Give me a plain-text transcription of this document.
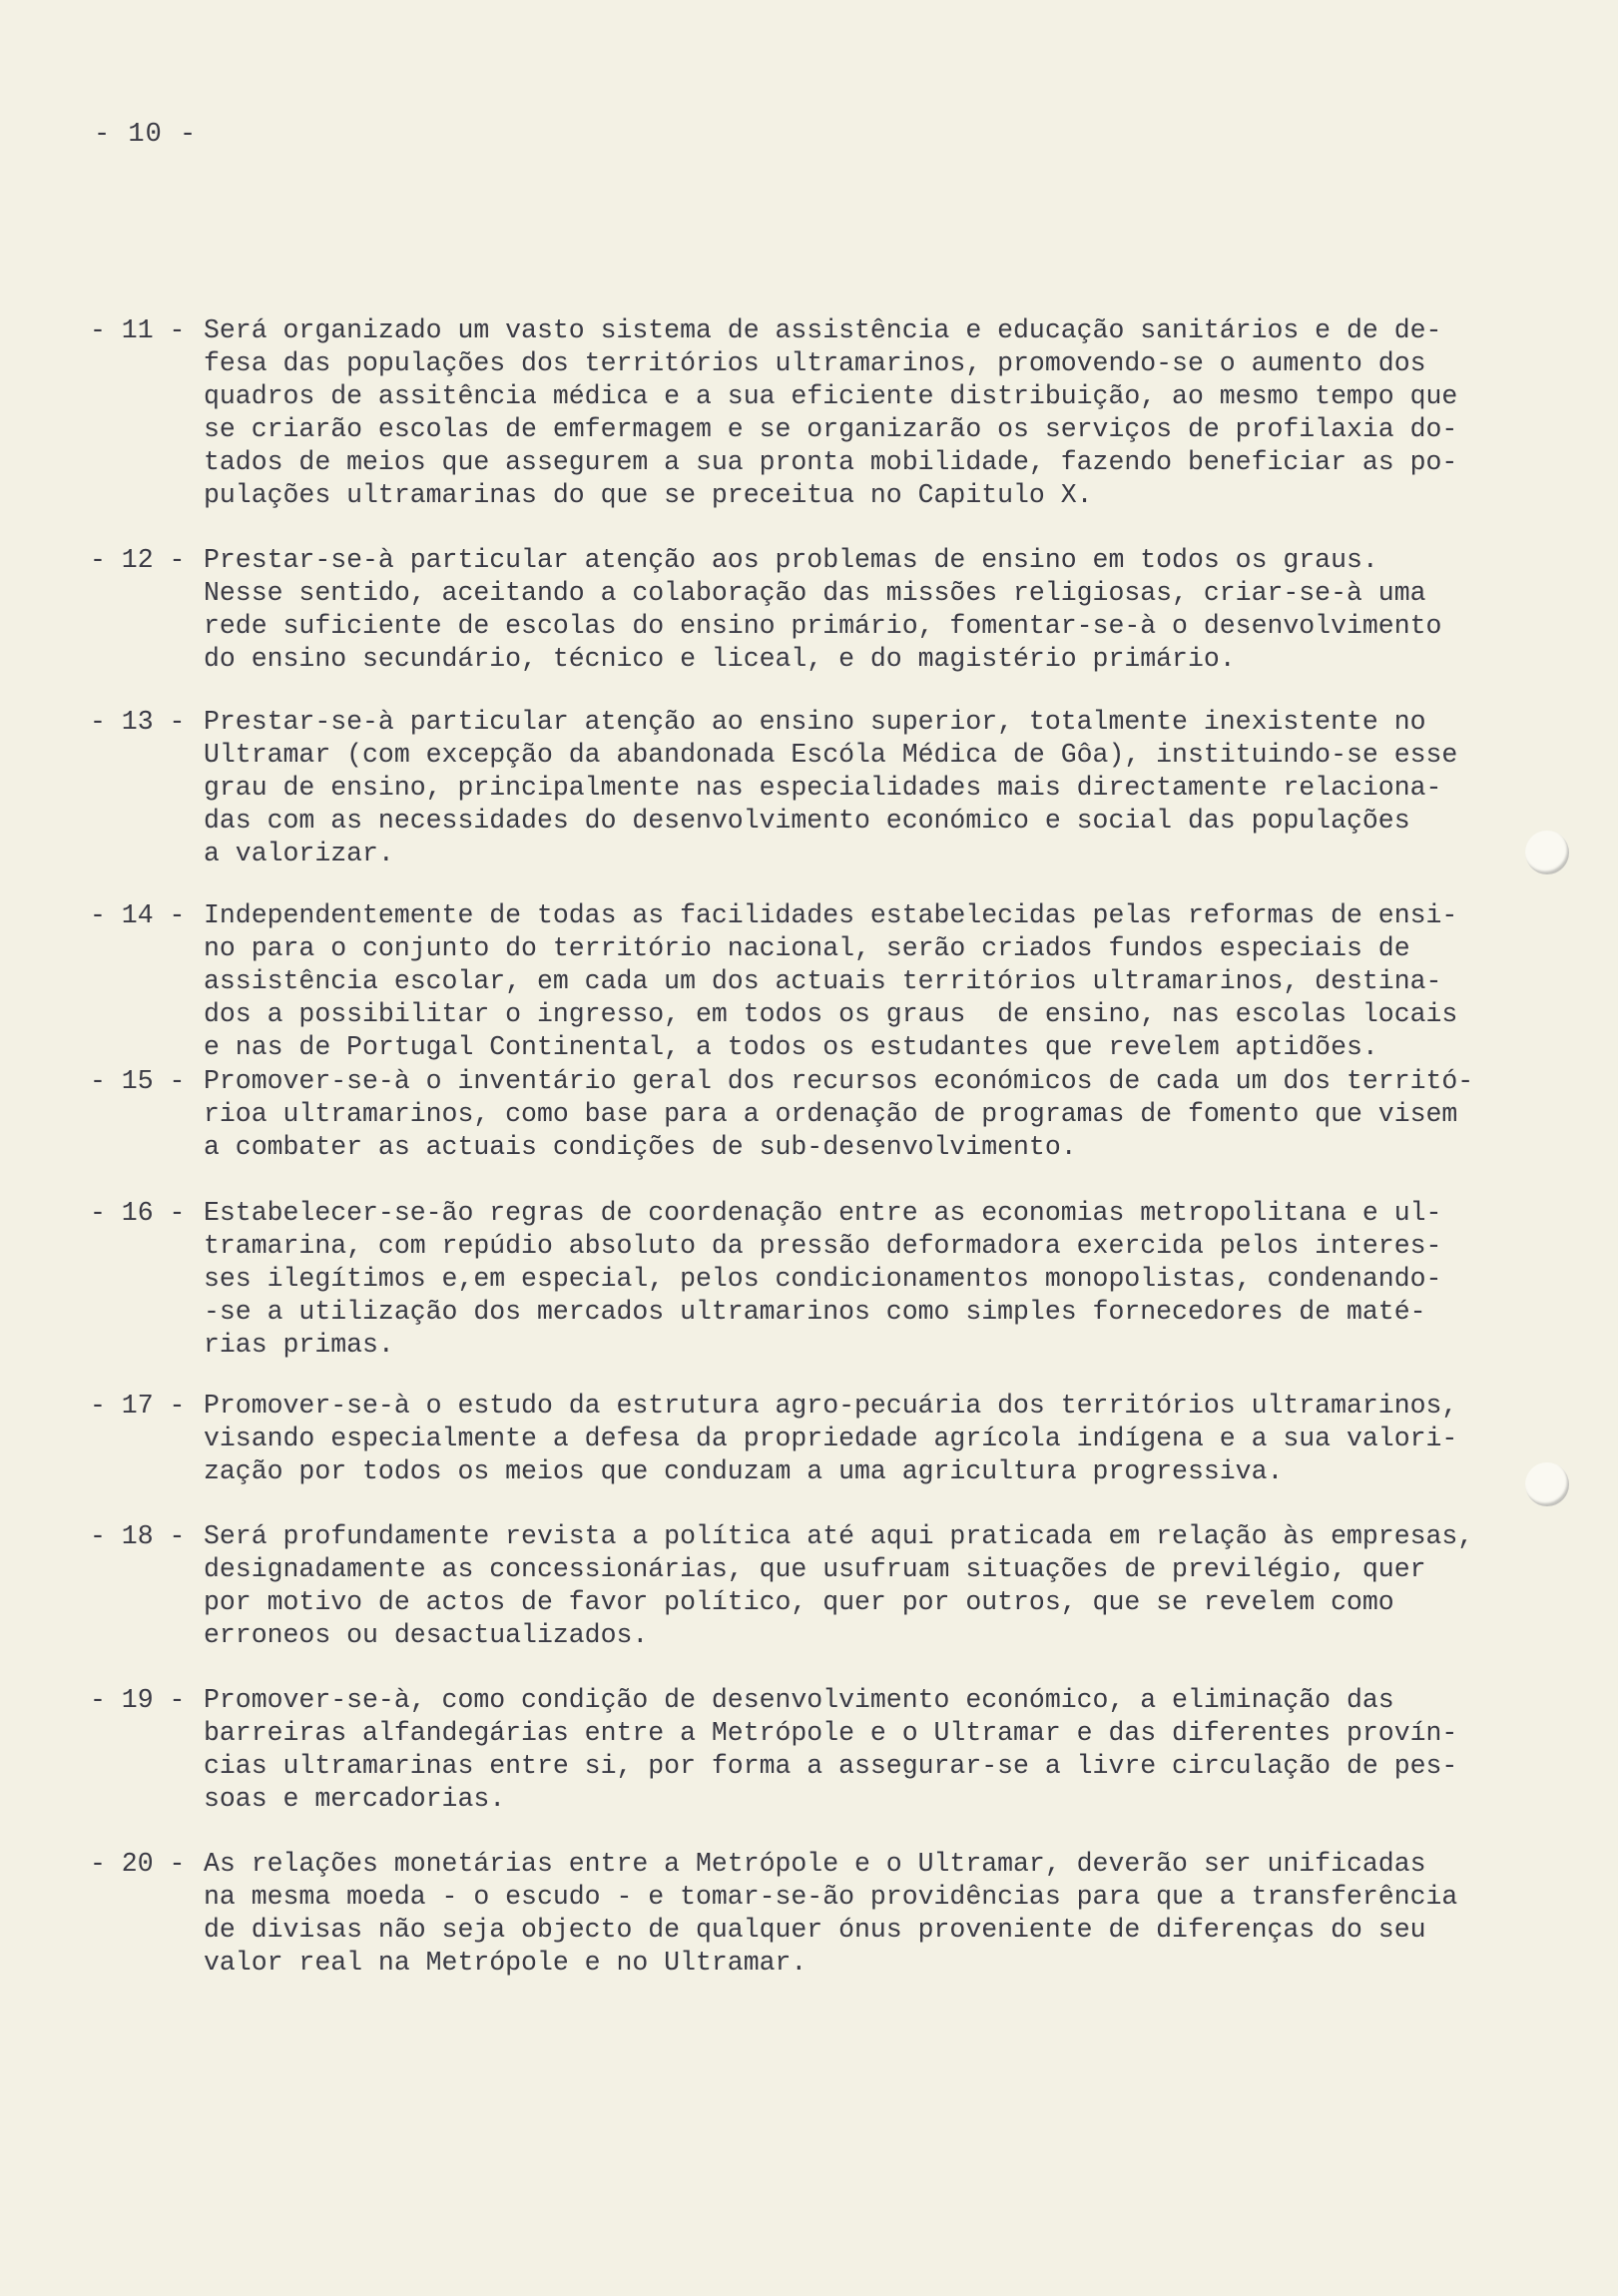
- 10 -
- 11 - Será organizado um vasto sistema de assistência e educação sanitários e de de-
fesa das populações dos territórios ultramarinos, promovendo-se o aumento dos
quadros de assitência médica e a sua eficiente distribuição, ao mesmo tempo que
se criarão escolas de emfermagem e se organizarão os serviços de profilaxia do-
tados de meios que assegurem a sua pronta mobilidade, fazendo beneficiar as po-
pulações ultramarinas do que se preceitua no Capitulo X.
- 12 - Prestar-se-à particular atenção aos problemas de ensino em todos os graus.
Nesse sentido, aceitando a colaboração das missões religiosas, criar-se-à uma
rede suficiente de escolas do ensino primário, fomentar-se-à o desenvolvimento
do ensino secundário, técnico e liceal, e do magistério primário.
- 13 - Prestar-se-à particular atenção ao ensino superior, totalmente inexistente no
Ultramar (com excepção da abandonada Escóla Médica de Gôa), instituindo-se esse
grau de ensino, principalmente nas especialidades mais directamente relaciona-
das com as necessidades do desenvolvimento económico e social das populações
a valorizar.
- 14 - Independentemente de todas as facilidades estabelecidas pelas reformas de ensi-
no para o conjunto do território nacional, serão criados fundos especiais de
assistência escolar, em cada um dos actuais territórios ultramarinos, destina-
dos a possibilitar o ingresso, em todos os graus  de ensino, nas escolas locais
e nas de Portugal Continental, a todos os estudantes que revelem aptidões.
- 15 - Promover-se-à o inventário geral dos recursos económicos de cada um dos territó-
rioa ultramarinos, como base para a ordenação de programas de fomento que visem
a combater as actuais condições de sub-desenvolvimento.
- 16 - Estabelecer-se-ão regras de coordenação entre as economias metropolitana e ul-
tramarina, com repúdio absoluto da pressão deformadora exercida pelos interes-
ses ilegítimos e,em especial, pelos condicionamentos monopolistas, condenando-
-se a utilização dos mercados ultramarinos como simples fornecedores de maté-
rias primas.
- 17 - Promover-se-à o estudo da estrutura agro-pecuária dos territórios ultramarinos,
visando especialmente a defesa da propriedade agrícola indígena e a sua valori-
zação por todos os meios que conduzam a uma agricultura progressiva.
- 18 - Será profundamente revista a política até aqui praticada em relação às empresas,
designadamente as concessionárias, que usufruam situações de previlégio, quer
por motivo de actos de favor político, quer por outros, que se revelem como
erroneos ou desactualizados.
- 19 - Promover-se-à, como condição de desenvolvimento económico, a eliminação das
barreiras alfandegárias entre a Metrópole e o Ultramar e das diferentes provín-
cias ultramarinas entre si, por forma a assegurar-se a livre circulação de pes-
soas e mercadorias.
- 20 - As relações monetárias entre a Metrópole e o Ultramar, deverão ser unificadas
na mesma moeda - o escudo - e tomar-se-ão providências para que a transferência
de divisas não seja objecto de qualquer ónus proveniente de diferenças do seu
valor real na Metrópole e no Ultramar.
